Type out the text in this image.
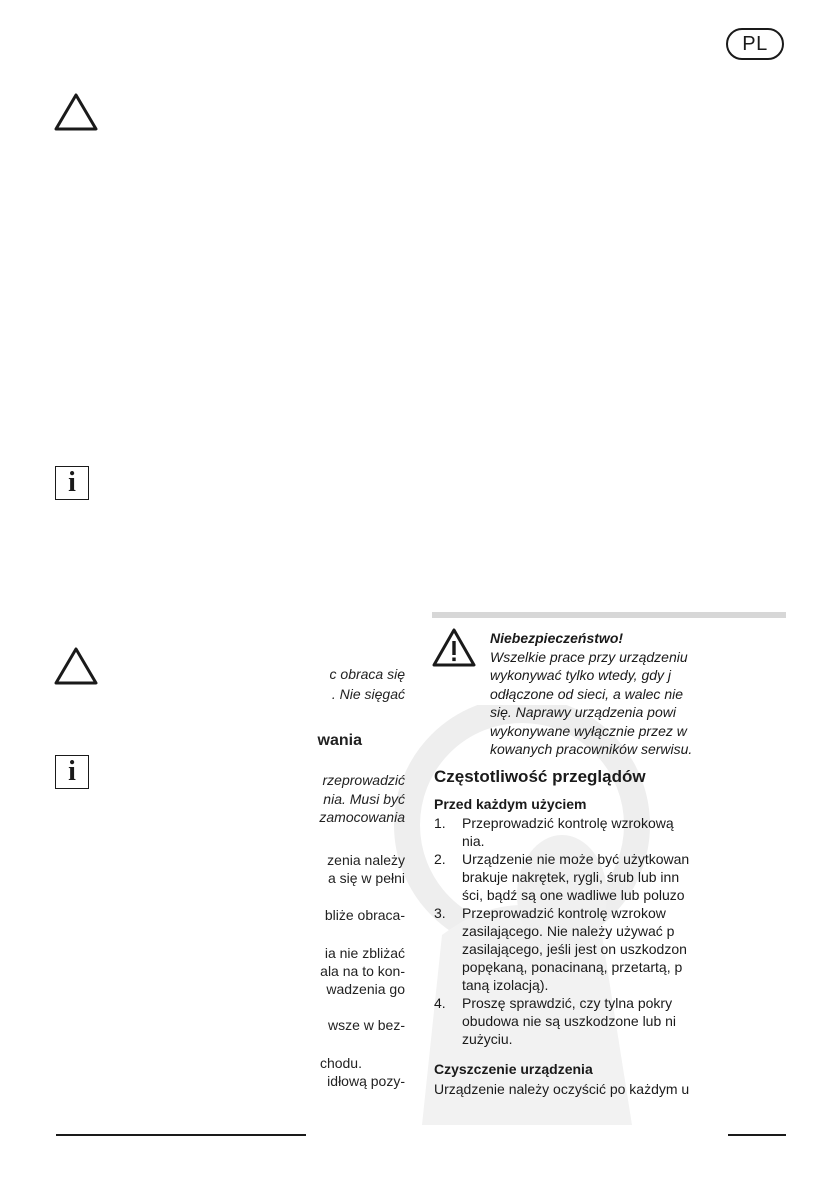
PL
i
i
c obraca się
. Nie sięgać
wania
rzeprowadzić
nia. Musi być
zamocowania
zenia należy
a się w pełni
bliże obraca-
ia nie zbliżać
ala na to kon-
wadzenia go
wsze w bez-
chodu.
idłową pozy-
Niebezpieczeństwo!
Wszelkie prace przy urządzeniu
wykonywać tylko wtedy, gdy j
odłączone od sieci, a walec nie
się. Naprawy urządzenia powi
wykonywane wyłącznie przez w
kowanych pracowników serwisu.
Częstotliwość przeglądów
Przed każdym użyciem
1.	Przeprowadzić kontrolę wzrokową
nia.
2.	Urządzenie nie może być użytkowan
brakuje nakrętek, rygli, śrub lub inn
ści, bądź są one wadliwe lub poluzo
3.	Przeprowadzić kontrolę wzrokow
zasilającego. Nie należy używać p
zasilającego, jeśli jest on uszkodzon
popękaną, ponacinaną, przetartą, p
taną izolacją).
4.	Proszę sprawdzić, czy tylna pokry
obudowa nie są uszkodzone lub ni
zużyciu.
Czyszczenie urządzenia
Urządzenie należy oczyścić po każdym u
